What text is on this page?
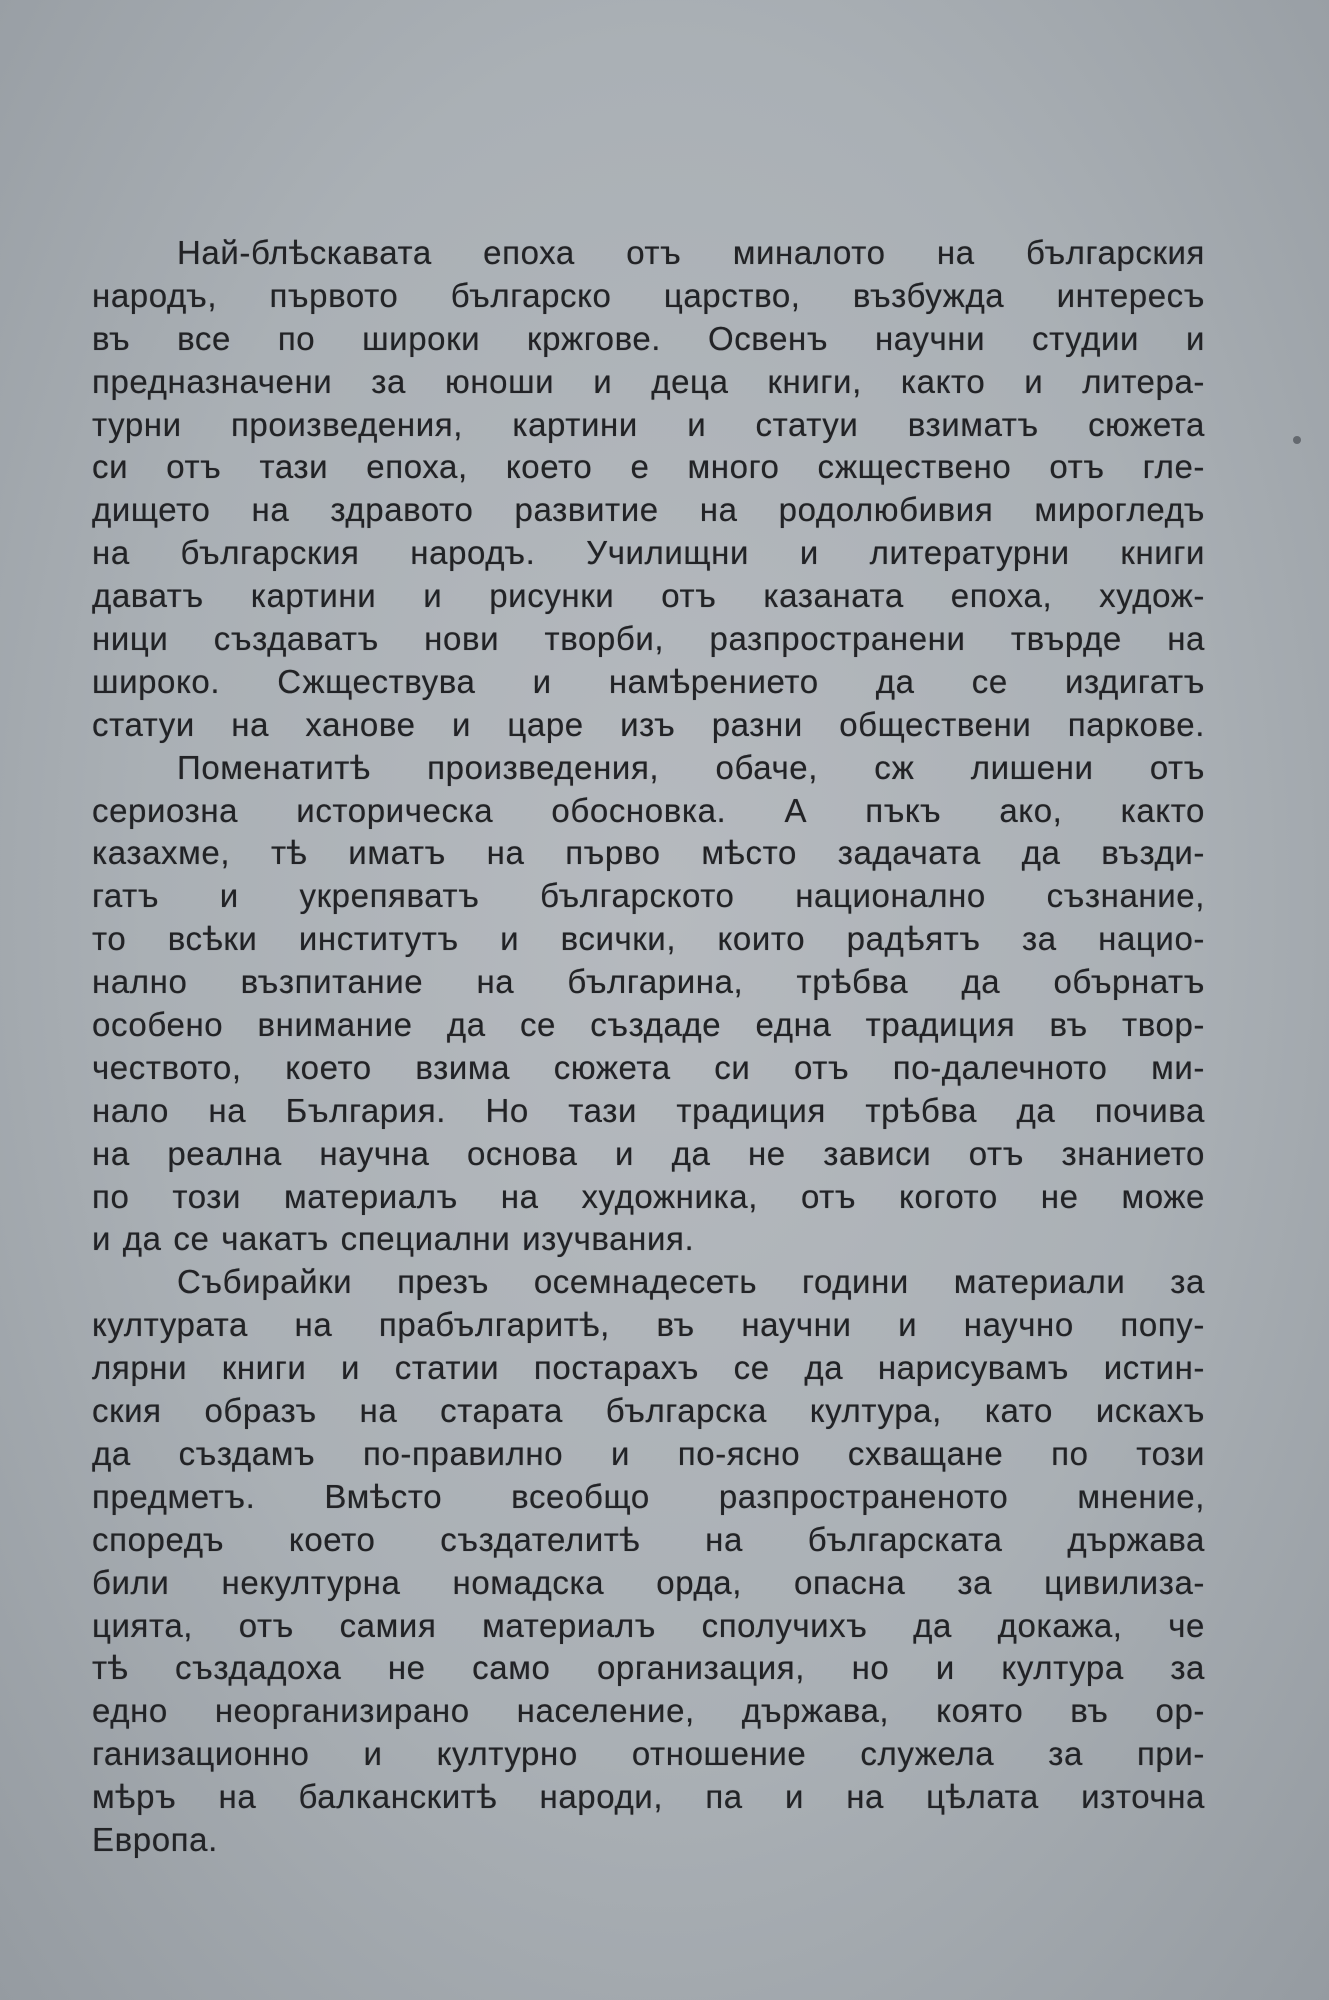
Най-блѣскавата епоха отъ миналото на българския
народъ, първото българско царство, възбужда интересъ
въ все по широки кржгове. Освенъ научни студии и
предназначени за юноши и деца книги, както и литера-
турни произведения, картини и статуи взиматъ сюжета
си отъ тази епоха, което е много сжществено отъ гле-
дището на здравото развитие на родолюбивия мирогледъ
на българския народъ. Училищни и литературни книги
даватъ картини и рисунки отъ казаната епоха, худож-
ници създаватъ нови творби, разпространени твърде на
широко. Сжществува и намѣрението да се издигатъ
статуи на ханове и царе изъ разни обществени паркове.
Поменатитѣ произведения, обаче, сж лишени отъ
сериозна историческа обосновка. А пъкъ ако, както
казахме, тѣ иматъ на първо мѣсто задачата да възди-
гатъ и укрепяватъ българското национално съзнание,
то всѣки институтъ и всички, които радѣятъ за нацио-
нално възпитание на българина, трѣбва да обърнатъ
особено внимание да се създаде една традиция въ твор-
чеството, което взима сюжета си отъ по-далечното ми-
нало на България. Но тази традиция трѣбва да почива
на реална научна основа и да не зависи отъ знанието
по този материалъ на художника, отъ когото не може
и да се чакатъ специални изучвания.
Събирайки презъ осемнадесеть години материали за
културата на прабългаритѣ, въ научни и научно попу-
лярни книги и статии постарахъ се да нарисувамъ истин-
ския образъ на старата българска култура, като искахъ
да създамъ по-правилно и по-ясно схващане по този
предметъ. Вмѣсто всеобщо разпространеното мнение,
споредъ което създателитѣ на българската държава
били некултурна номадска орда, опасна за цивилиза-
цията, отъ самия материалъ сполучихъ да докажа, че
тѣ създадоха не само организация, но и култура за
едно неорганизирано население, държава, която въ ор-
ганизационно и културно отношение служела за при-
мѣръ на балканскитѣ народи, па и на цѣлата източна
Европа.
